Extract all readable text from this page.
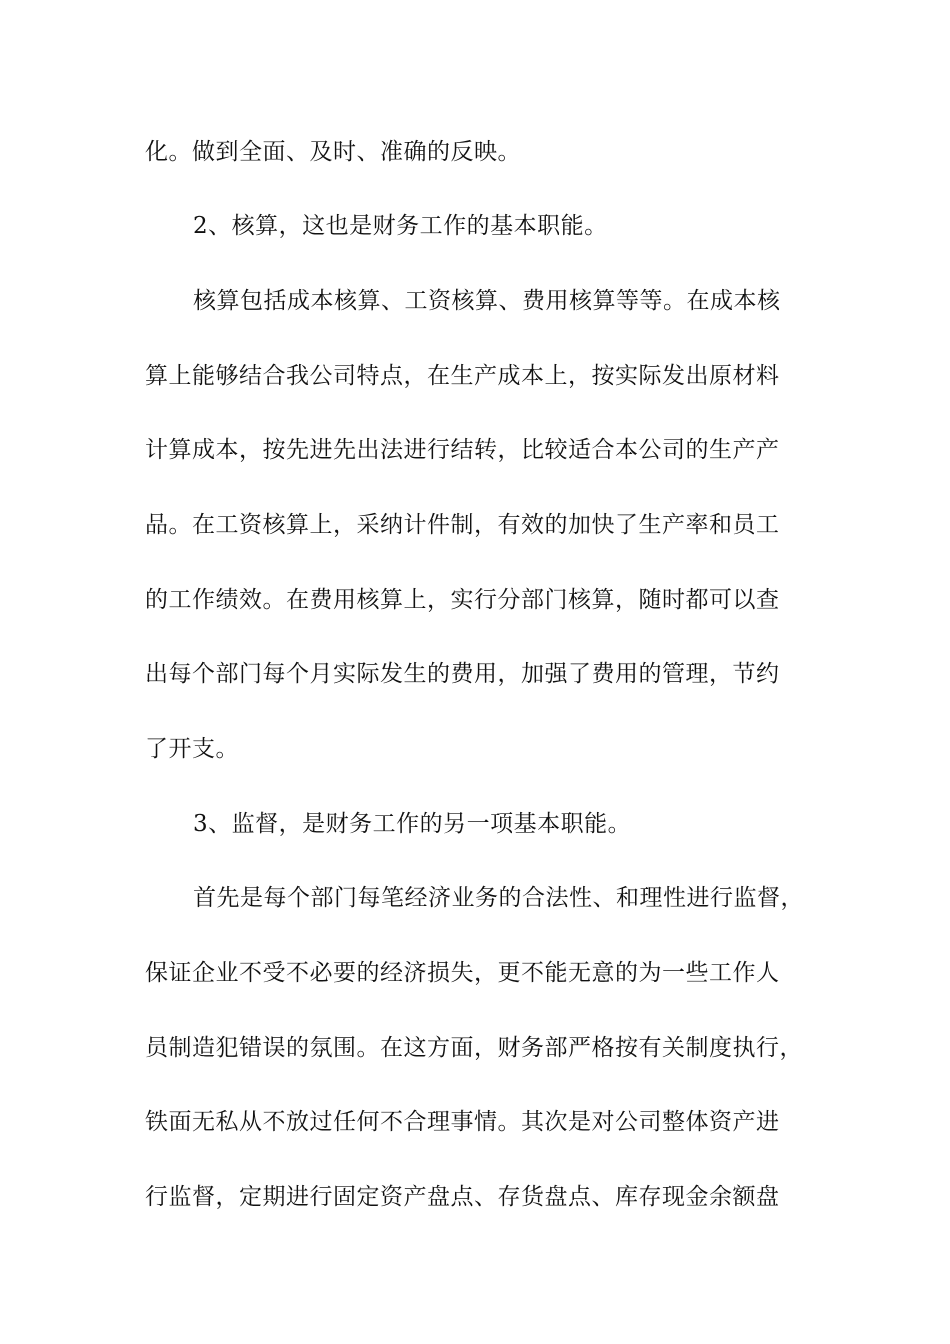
化。做到全面、及时、准确的反映。

2、核算，这也是财务工作的基本职能。

核算包括成本核算、工资核算、费用核算等等。在成本核

算上能够结合我公司特点，在生产成本上，按实际发出原材料

计算成本，按先进先出法进行结转，比较适合本公司的生产产

品。在工资核算上，采纳计件制，有效的加快了生产率和员工

的工作绩效。在费用核算上，实行分部门核算，随时都可以查

出每个部门每个月实际发生的费用，加强了费用的管理，节约

了开支。

3、监督，是财务工作的另一项基本职能。

首先是每个部门每笔经济业务的合法性、和理性进行监督，

保证企业不受不必要的经济损失，更不能无意的为一些工作人

员制造犯错误的氛围。在这方面，财务部严格按有关制度执行，

铁面无私从不放过任何不合理事情。其次是对公司整体资产进

行监督，定期进行固定资产盘点、存货盘点、库存现金余额盘
